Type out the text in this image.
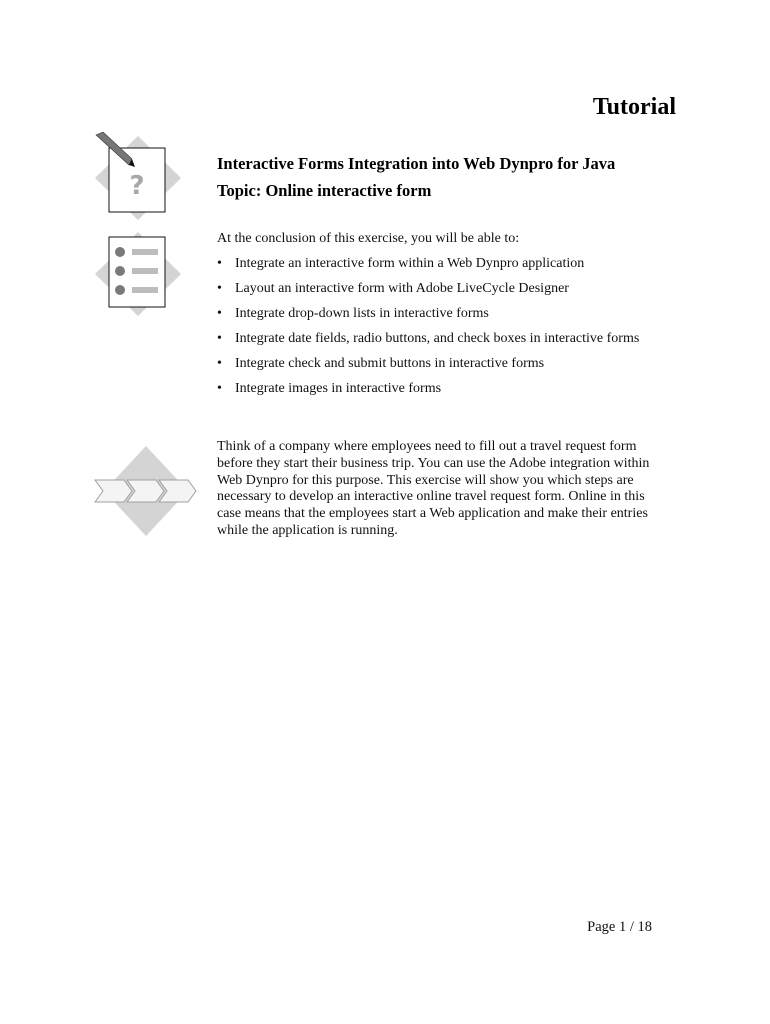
Tutorial
?
Interactive Forms Integration into Web Dynpro for Java
Topic: Online interactive form
At the conclusion of this exercise, you will be able to:
• Integrate an interactive form within a Web Dynpro application
• Layout an interactive form with Adobe LiveCycle Designer
• Integrate drop-down lists in interactive forms
• Integrate date fields, radio buttons, and check boxes in interactive forms
• Integrate check and submit buttons in interactive forms
• Integrate images in interactive forms

Think of a company where employees need to fill out a travel request form before they start their business trip. You can use the Adobe integration within Web Dynpro for this purpose. This exercise will show you which steps are necessary to develop an interactive online travel request form. Online in this case means that the employees start a Web application and make their entries while the application is running.

Page 1 / 18
